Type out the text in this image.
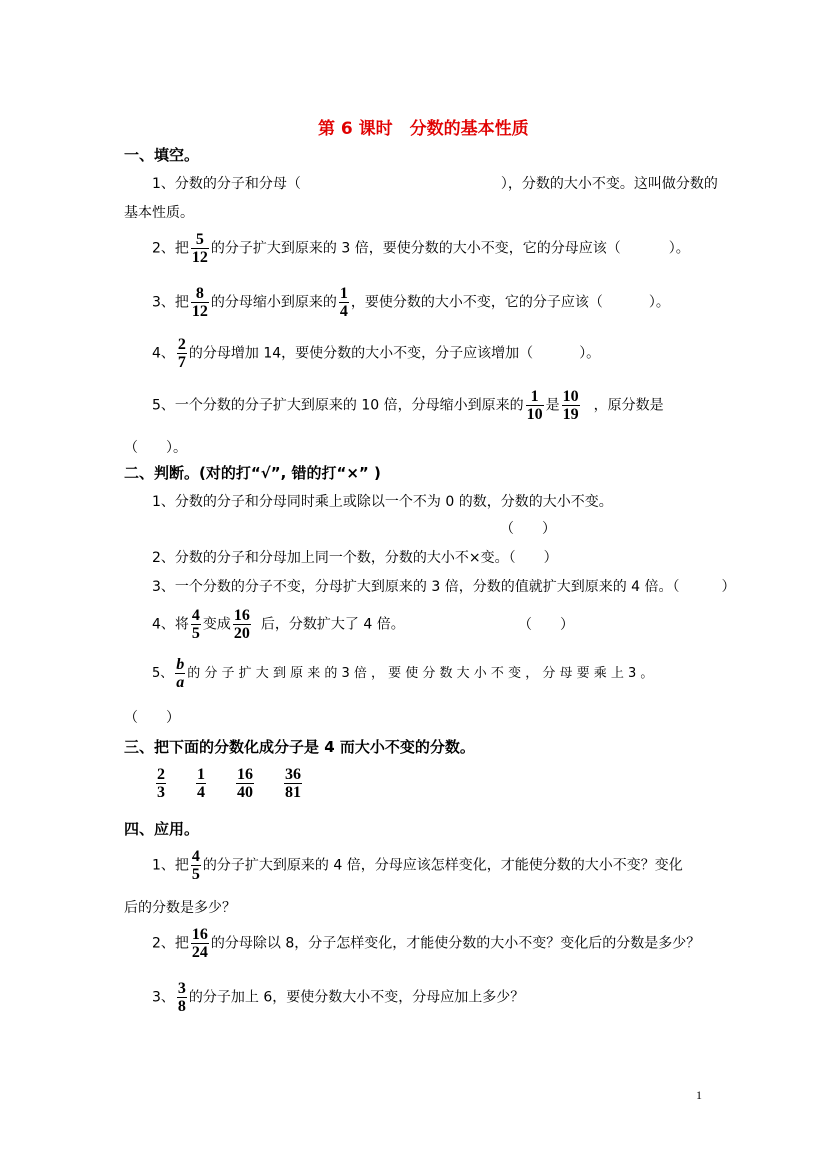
第 6 课时　分数的基本性质
一、填空。
1、分数的分子和分母（	），分数的大小不变。这叫做分数的
基本性质。
2、把 $\frac{5}{12}$ 的分子扩大到原来的 3 倍，要使分数的大小不变，它的分母应该（	）。
3、把 $\frac{8}{12}$ 的分母缩小到原来的 $\frac{1}{4}$ ，要使分数的大小不变，它的分子应该（	）。
4、 $\frac{2}{7}$ 的分母增加 14，要使分数的大小不变，分子应该增加（	）。
5、一个分数的分子扩大到原来的 10 倍，分母缩小到原来的 $\frac{1}{10}$ 是 $\frac{10}{19}$ ，原分数是
（　　）。
二、判断。(对的打“√”, 错的打“×” )
1、分数的分子和分母同时乘上或除以一个不为 0 的数，分数的大小不变。
（　　）
2、分数的分子和分母加上同一个数，分数的大小不×变。（　　）
3、一个分数的分子不变，分母扩大到原来的 3 倍，分数的值就扩大到原来的 4 倍。（　　　）
4、将 $\frac{4}{5}$ 变成 $\frac{16}{20}$ 后，分数扩大了 4 倍。	（　　）
5、 $\frac{b}{a}$ 的 分 子 扩 大 到 原 来 的 3 倍 ， 要 使 分 数 大 小 不 变 ， 分 母 要 乘 上 3 。
（　　）
三、把下面的分数化成分子是 4 而大小不变的分数。
$\frac{2}{3} \frac{1}{4} \frac{16}{40} \frac{36}{81}$
四、应用。
1、把 $\frac{4}{5}$ 的分子扩大到原来的 4 倍，分母应该怎样变化，才能使分数的大小不变？变化
后的分数是多少？
2、把 $\frac{16}{24}$ 的分母除以 8，分子怎样变化，才能使分数的大小不变？变化后的分数是多少？
3、 $\frac{3}{8}$ 的分子加上 6，要使分数大小不变，分母应加上多少？
1
